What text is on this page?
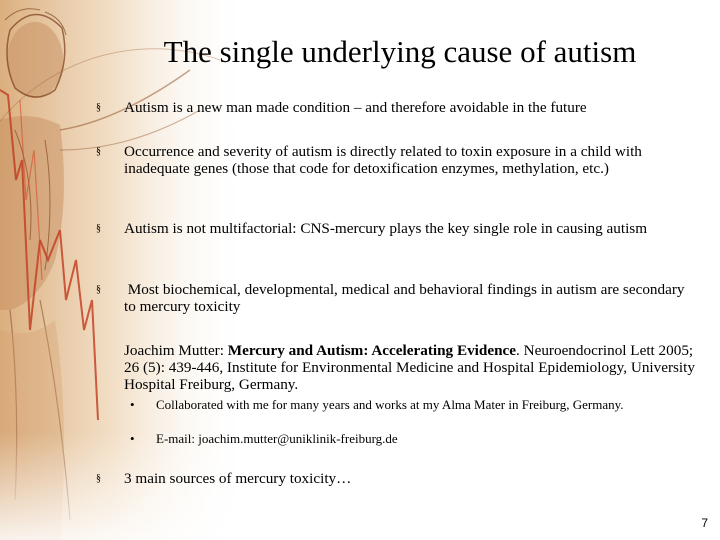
The single underlying cause of autism
§ Autism is a new man made condition – and therefore avoidable in the future
§ Occurrence and severity of autism is directly related to toxin exposure in a child with inadequate genes (those that code for detoxification enzymes, methylation, etc.)
§ Autism is not multifactorial: CNS-mercury plays the key single role in causing autism
§ Most biochemical, developmental, medical and behavioral findings in autism are secondary to mercury toxicity
Joachim Mutter: Mercury and Autism: Accelerating Evidence. Neuroendocrinol Lett 2005; 26 (5): 439-446, Institute for Environmental Medicine and Hospital Epidemiology, University Hospital Freiburg, Germany.
• Collaborated with me for many years and works at my Alma Mater in Freiburg, Germany.
• E-mail: joachim.mutter@uniklinik-freiburg.de
§ 3 main sources of mercury toxicity…
7
